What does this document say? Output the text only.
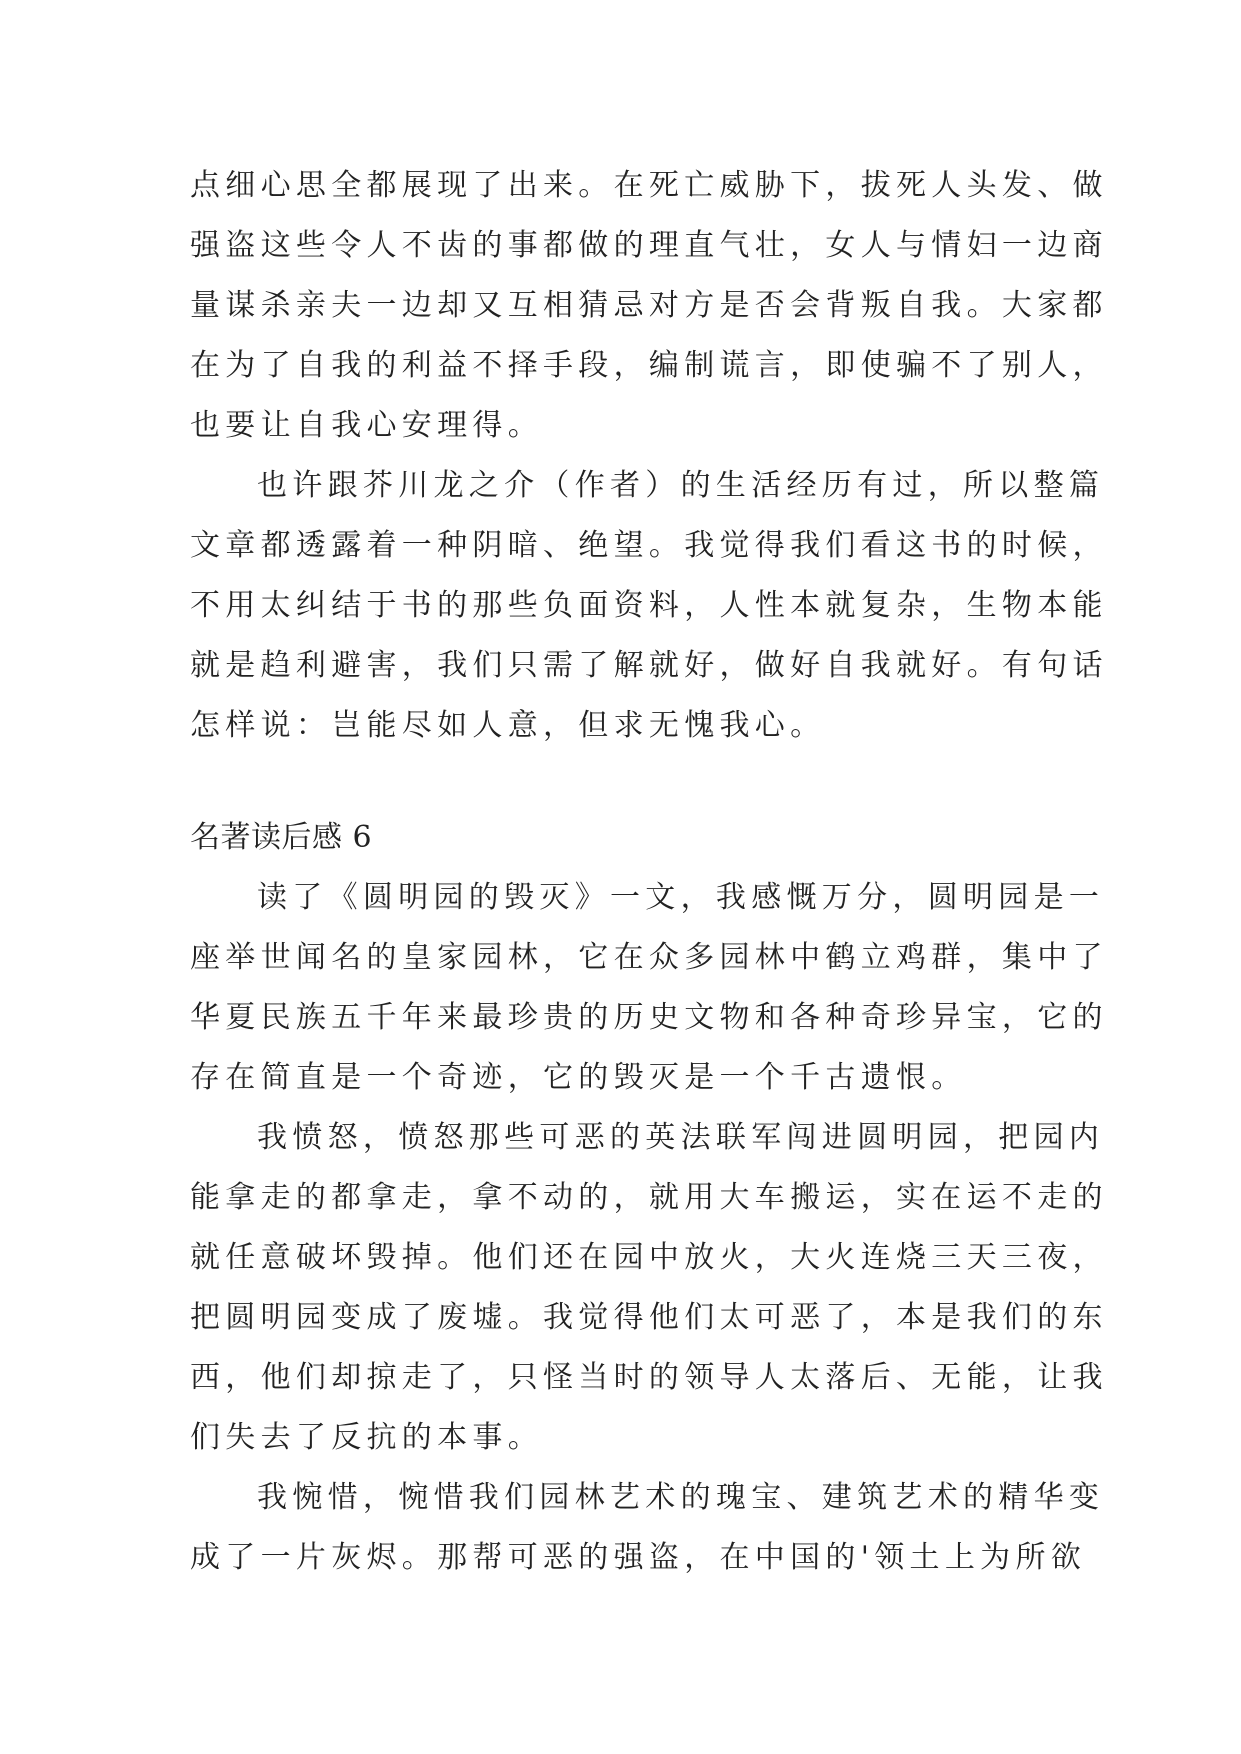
点细心思全都展现了出来。在死亡威胁下，拔死人头发、做
强盗这些令人不齿的事都做的理直气壮，女人与情妇一边商
量谋杀亲夫一边却又互相猜忌对方是否会背叛自我。大家都
在为了自我的利益不择手段，编制谎言，即使骗不了别人，
也要让自我心安理得。
也许跟芥川龙之介（作者）的生活经历有过，所以整篇
文章都透露着一种阴暗、绝望。我觉得我们看这书的时候，
不用太纠结于书的那些负面资料，人性本就复杂，生物本能
就是趋利避害，我们只需了解就好，做好自我就好。有句话
怎样说：岂能尽如人意，但求无愧我心。
名著读后感 6
读了《圆明园的毁灭》一文，我感慨万分，圆明园是一
座举世闻名的皇家园林，它在众多园林中鹤立鸡群，集中了
华夏民族五千年来最珍贵的历史文物和各种奇珍异宝，它的
存在简直是一个奇迹，它的毁灭是一个千古遗恨。
我愤怒，愤怒那些可恶的英法联军闯进圆明园，把园内
能拿走的都拿走，拿不动的，就用大车搬运，实在运不走的
就任意破坏毁掉。他们还在园中放火，大火连烧三天三夜，
把圆明园变成了废墟。我觉得他们太可恶了，本是我们的东
西，他们却掠走了，只怪当时的领导人太落后、无能，让我
们失去了反抗的本事。
我惋惜，惋惜我们园林艺术的瑰宝、建筑艺术的精华变
成了一片灰烬。那帮可恶的强盗，在中国的'领土上为所欲
